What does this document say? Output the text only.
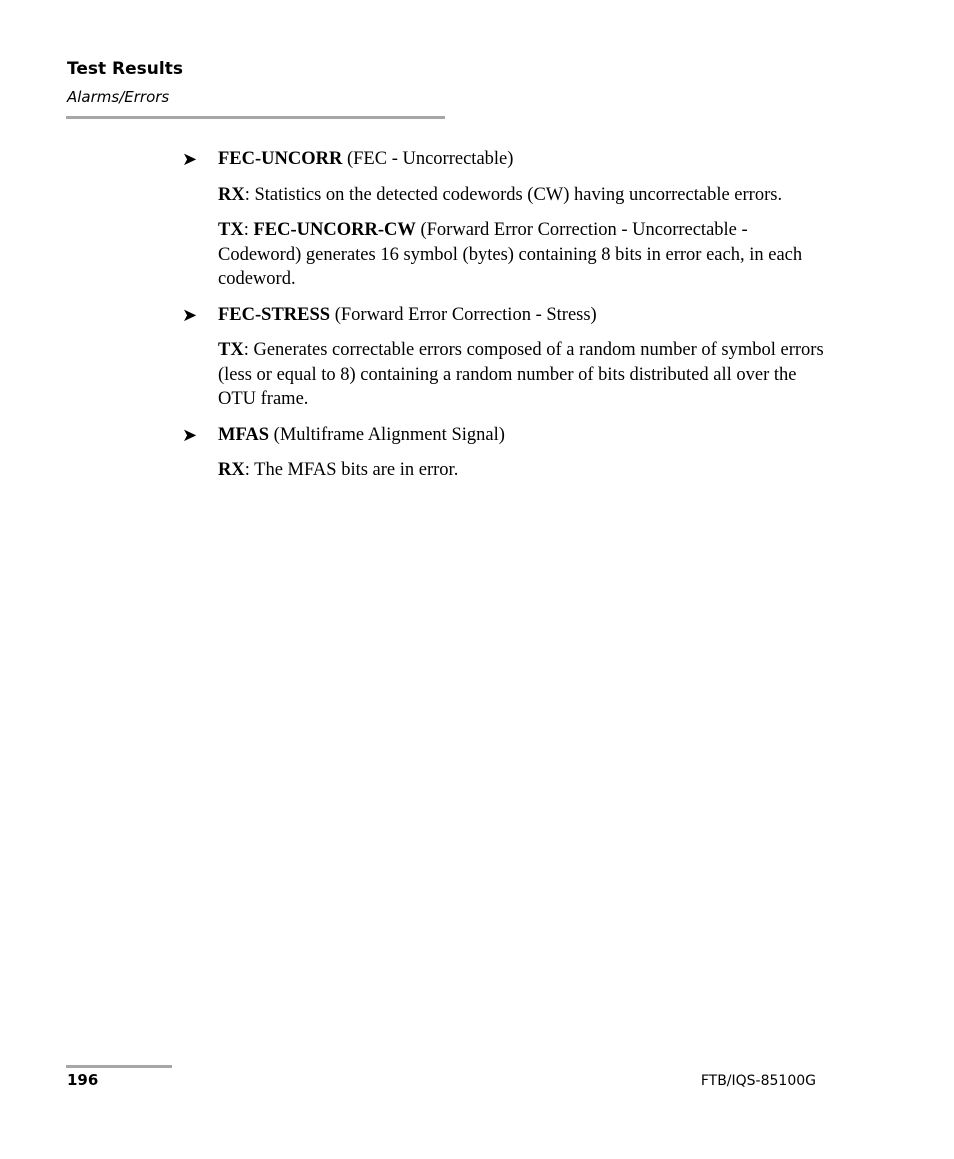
Test Results
Alarms/Errors

➤ FEC-UNCORR (FEC - Uncorrectable)

RX: Statistics on the detected codewords (CW) having uncorrectable errors.

TX: FEC-UNCORR-CW (Forward Error Correction - Uncorrectable - Codeword) generates 16 symbol (bytes) containing 8 bits in error each, in each codeword.

➤ FEC-STRESS (Forward Error Correction - Stress)

TX: Generates correctable errors composed of a random number of symbol errors (less or equal to 8) containing a random number of bits distributed all over the OTU frame.

➤ MFAS (Multiframe Alignment Signal)

RX: The MFAS bits are in error.

196	FTB/IQS-85100G
